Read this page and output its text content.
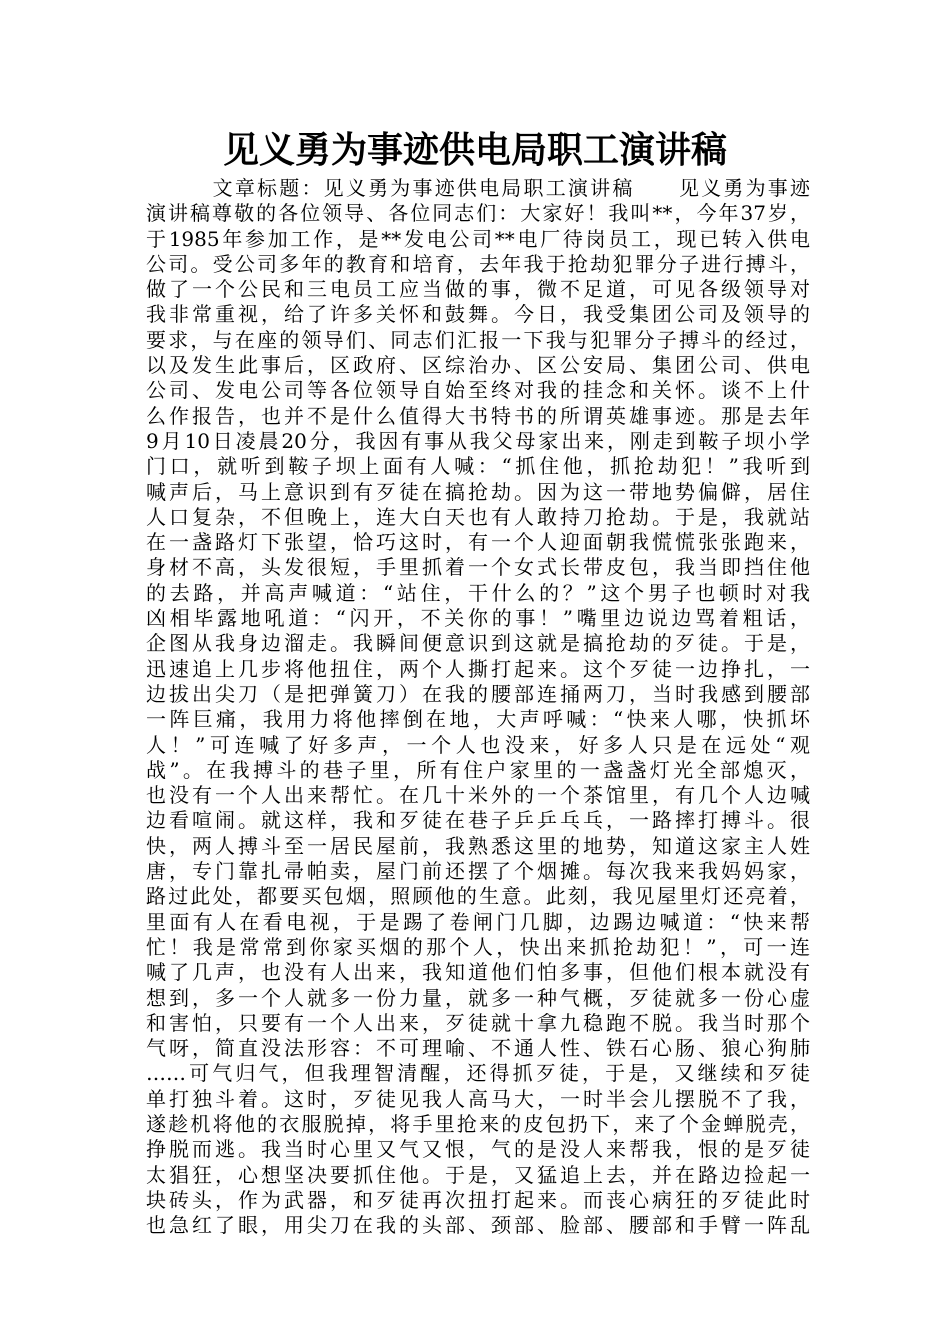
见义勇为事迹供电局职工演讲稿
　　　文章标题：见义勇为事迹供电局职工演讲稿　　见义勇为事迹
演讲稿尊敬的各位领导、各位同志们：大家好！我叫**，今年37岁，
于1985年参加工作，是**发电公司**电厂待岗员工，现已转入供电
公司。受公司多年的教育和培育，去年我于抢劫犯罪分子进行搏斗，
做了一个公民和三电员工应当做的事，微不足道，可见各级领导对
我非常重视，给了许多关怀和鼓舞。今日，我受集团公司及领导的
要求，与在座的领导们、同志们汇报一下我与犯罪分子搏斗的经过，
以及发生此事后，区政府、区综治办、区公安局、集团公司、供电
公司、发电公司等各位领导自始至终对我的挂念和关怀。谈不上什
么作报告，也并不是什么值得大书特书的所谓英雄事迹。那是去年
9月10日凌晨20分，我因有事从我父母家出来，刚走到鞍子坝小学
门口，就听到鞍子坝上面有人喊：“抓住他，抓抢劫犯！”我听到
喊声后，马上意识到有歹徒在搞抢劫。因为这一带地势偏僻，居住
人口复杂，不但晚上，连大白天也有人敢持刀抢劫。于是，我就站
在一盏路灯下张望，恰巧这时，有一个人迎面朝我慌慌张张跑来，
身材不高，头发很短，手里抓着一个女式长带皮包，我当即挡住他
的去路，并高声喊道：“站住，干什么的？”这个男子也顿时对我
凶相毕露地吼道：“闪开，不关你的事！”嘴里边说边骂着粗话，
企图从我身边溜走。我瞬间便意识到这就是搞抢劫的歹徒。于是，
迅速追上几步将他扭住，两个人撕打起来。这个歹徒一边挣扎，一
边拔出尖刀（是把弹簧刀）在我的腰部连捅两刀，当时我感到腰部
一阵巨痛，我用力将他摔倒在地，大声呼喊：“快来人哪，快抓坏
人！”可连喊了好多声，一个人也没来，好多人只是在远处“观
战”。在我搏斗的巷子里，所有住户家里的一盏盏灯光全部熄灭，
也没有一个人出来帮忙。在几十米外的一个茶馆里，有几个人边喊
边看喧闹。就这样，我和歹徒在巷子乒乒乓乓，一路摔打搏斗。很
快，两人搏斗至一居民屋前，我熟悉这里的地势，知道这家主人姓
唐，专门靠扎帚帕卖，屋门前还摆了个烟摊。每次我来我妈妈家，
路过此处，都要买包烟，照顾他的生意。此刻，我见屋里灯还亮着，
里面有人在看电视，于是踢了卷闸门几脚，边踢边喊道：“快来帮
忙！我是常常到你家买烟的那个人，快出来抓抢劫犯！”，可一连
喊了几声，也没有人出来，我知道他们怕多事，但他们根本就没有
想到，多一个人就多一份力量，就多一种气概，歹徒就多一份心虚
和害怕，只要有一个人出来，歹徒就十拿九稳跑不脱。我当时那个
气呀，简直没法形容：不可理喻、不通人性、铁石心肠、狼心狗肺
……可气归气，但我理智清醒，还得抓歹徒，于是，又继续和歹徒
单打独斗着。这时，歹徒见我人高马大，一时半会儿摆脱不了我，
遂趁机将他的衣服脱掉，将手里抢来的皮包扔下，来了个金蝉脱壳，
挣脱而逃。我当时心里又气又恨，气的是没人来帮我，恨的是歹徒
太猖狂，心想坚决要抓住他。于是，又猛追上去，并在路边捡起一
块砖头，作为武器，和歹徒再次扭打起来。而丧心病狂的歹徒此时
也急红了眼，用尖刀在我的头部、颈部、脸部、腰部和手臂一阵乱
